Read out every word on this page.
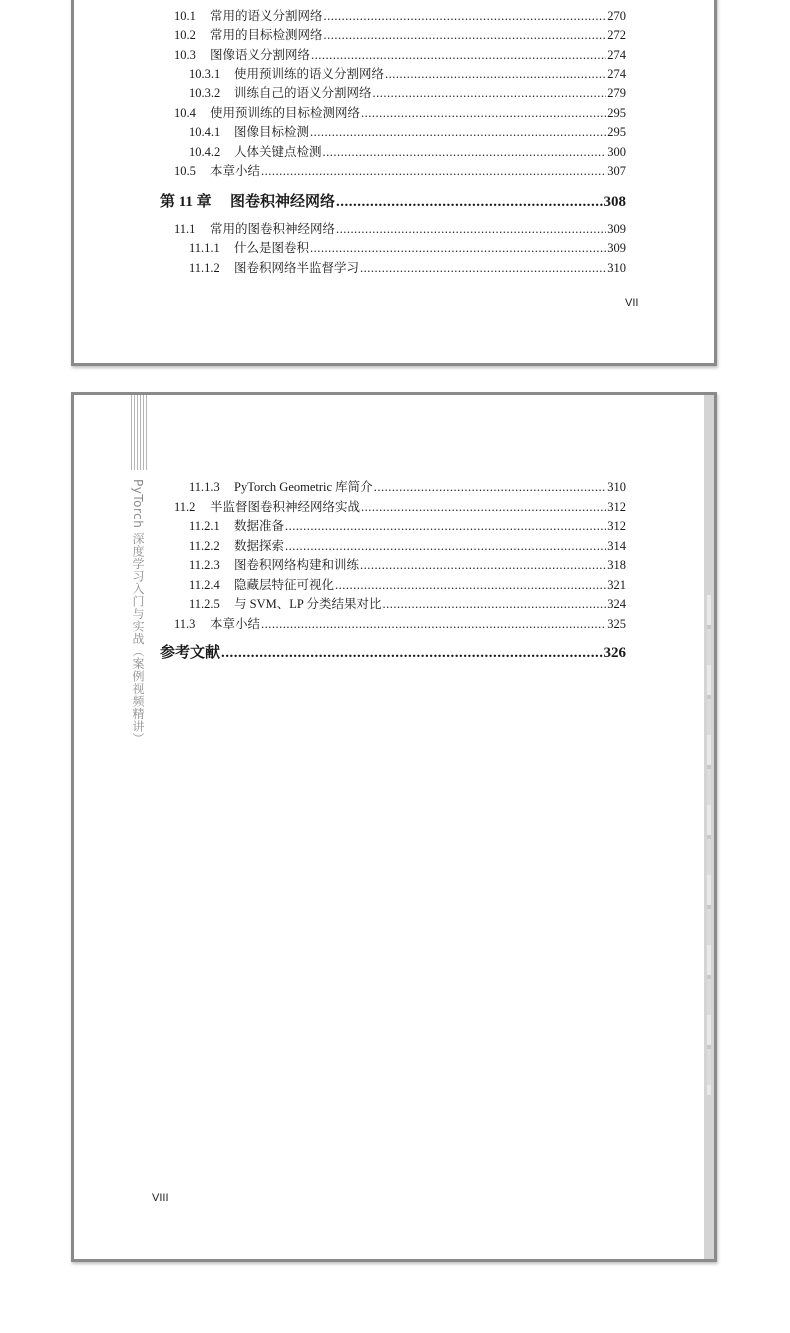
10.1	常用的语义分割网络 .....	270
10.2	常用的目标检测网络 .....	272
10.3	图像语义分割网络 .....	274
10.3.1	使用预训练的语义分割网络 .....	274
10.3.2	训练自己的语义分割网络 .....	279
10.4	使用预训练的目标检测网络 .....	295
10.4.1	图像目标检测 .....	295
10.4.2	人体关键点检测 .....	300
10.5	本章小结 .....	307
第 11 章	图卷积神经网络 .....	308
11.1	常用的图卷积神经网络 .....	309
11.1.1	什么是图卷积 .....	309
11.1.2	图卷积网络半监督学习 .....	310
VII
PyTorch 深度学习入门与实战（案例视频精讲）	11.1.3	PyTorch Geometric 库简介 .....	310
11.2	半监督图卷积神经网络实战 .....	312
11.2.1	数据准备 .....	312
11.2.2	数据探索 .....	314
11.2.3	图卷积网络构建和训练 .....	318
11.2.4	隐藏层特征可视化 .....	321
11.2.5	与 SVM、LP 分类结果对比 .....	324
11.3	本章小结 .....	325
参考文献 .....	326
VIII
